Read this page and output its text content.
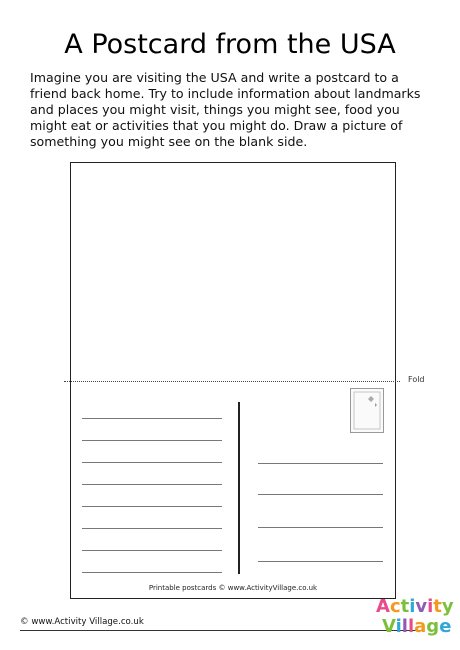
A Postcard from the USA

Imagine you are visiting the USA and write a postcard to a friend back home. Try to include information about landmarks and places you might visit, things you might see, food you might eat or activities that you might do. Draw a picture of something you might see on the blank side.

Fold
Printable postcards © www.ActivityVillage.co.uk
© www.Activity Village.co.uk
Activity
Village
